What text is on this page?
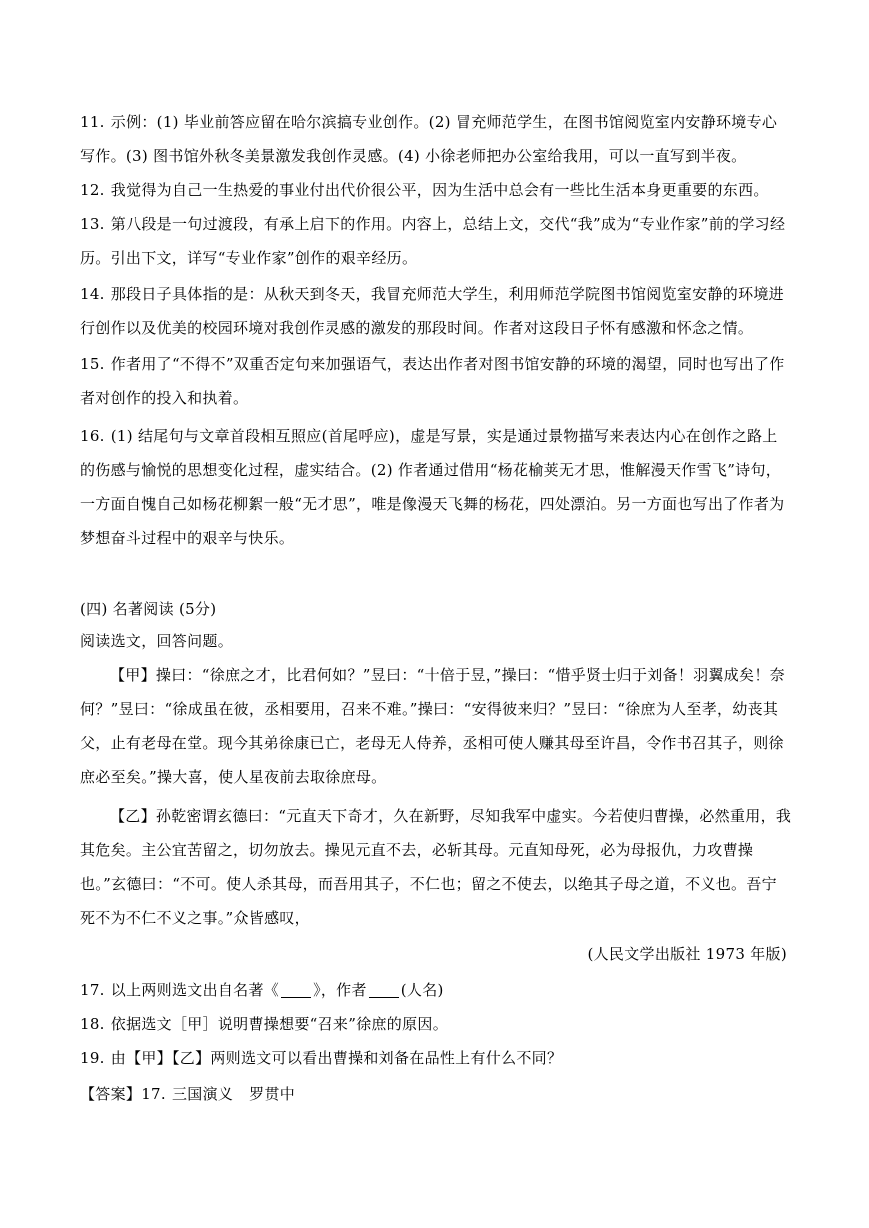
11. 示例：(1) 毕业前答应留在哈尔滨搞专业创作。(2) 冒充师范学生，在图书馆阅览室内安静环境专心写作。(3) 图书馆外秋冬美景激发我创作灵感。(4) 小徐老师把办公室给我用，可以一直写到半夜。
12. 我觉得为自己一生热爱的事业付出代价很公平，因为生活中总会有一些比生活本身更重要的东西。
13. 第八段是一句过渡段，有承上启下的作用。内容上，总结上文，交代“我”成为“专业作家”前的学习经历。引出下文，详写“专业作家”创作的艰辛经历。
14. 那段日子具体指的是：从秋天到冬天，我冒充师范大学生，利用师范学院图书馆阅览室安静的环境进行创作以及优美的校园环境对我创作灵感的激发的那段时间。作者对这段日子怀有感激和怀念之情。
15. 作者用了“不得不”双重否定句来加强语气，表达出作者对图书馆安静的环境的渴望，同时也写出了作者对创作的投入和执着。
16. (1) 结尾句与文章首段相互照应(首尾呼应)，虚是写景，实是通过景物描写来表达内心在创作之路上的伤感与愉悦的思想变化过程，虚实结合。(2) 作者通过借用“杨花榆荚无才思，惟解漫天作雪飞”诗句，一方面自愧自己如杨花柳絮一般“无才思”，唯是像漫天飞舞的杨花，四处漂泊。另一方面也写出了作者为梦想奋斗过程中的艰辛与快乐。
(四) 名著阅读 (5分)
阅读选文，回答问题。
【甲】操曰：“徐庶之才，比君何如？”昱曰：“十倍于昱，”操曰：“惜乎贤士归于刘备！羽翼成矣！奈何？”昱曰：“徐成虽在彼，丞相要用，召来不难。”操曰：“安得彼来归？”昱曰：“徐庶为人至孝，幼丧其父，止有老母在堂。现今其弟徐康已亡，老母无人侍养，丞相可使人赚其母至许昌，令作书召其子，则徐庶必至矣。”操大喜，使人星夜前去取徐庶母。
【乙】孙乾密谓玄德曰：“元直天下奇才，久在新野，尽知我军中虚实。今若使归曹操，必然重用，我其危矣。主公宜苦留之，切勿放去。操见元直不去，必斩其母。元直知母死，必为母报仇，力攻曹操也。”玄德曰：“不可。使人杀其母，而吾用其子，不仁也；留之不使去，以绝其子母之道，不义也。吾宁死不为不仁不义之事。”众皆感叹，
(人民文学出版社 1973 年版)
17. 以上两则选文出自名著《 》，作者 (人名)
18. 依据选文［甲］说明曹操想要“召来”徐庶的原因。
19. 由【甲】【乙】两则选文可以看出曹操和刘备在品性上有什么不同？
【答案】17. 三国演义 罗贯中
